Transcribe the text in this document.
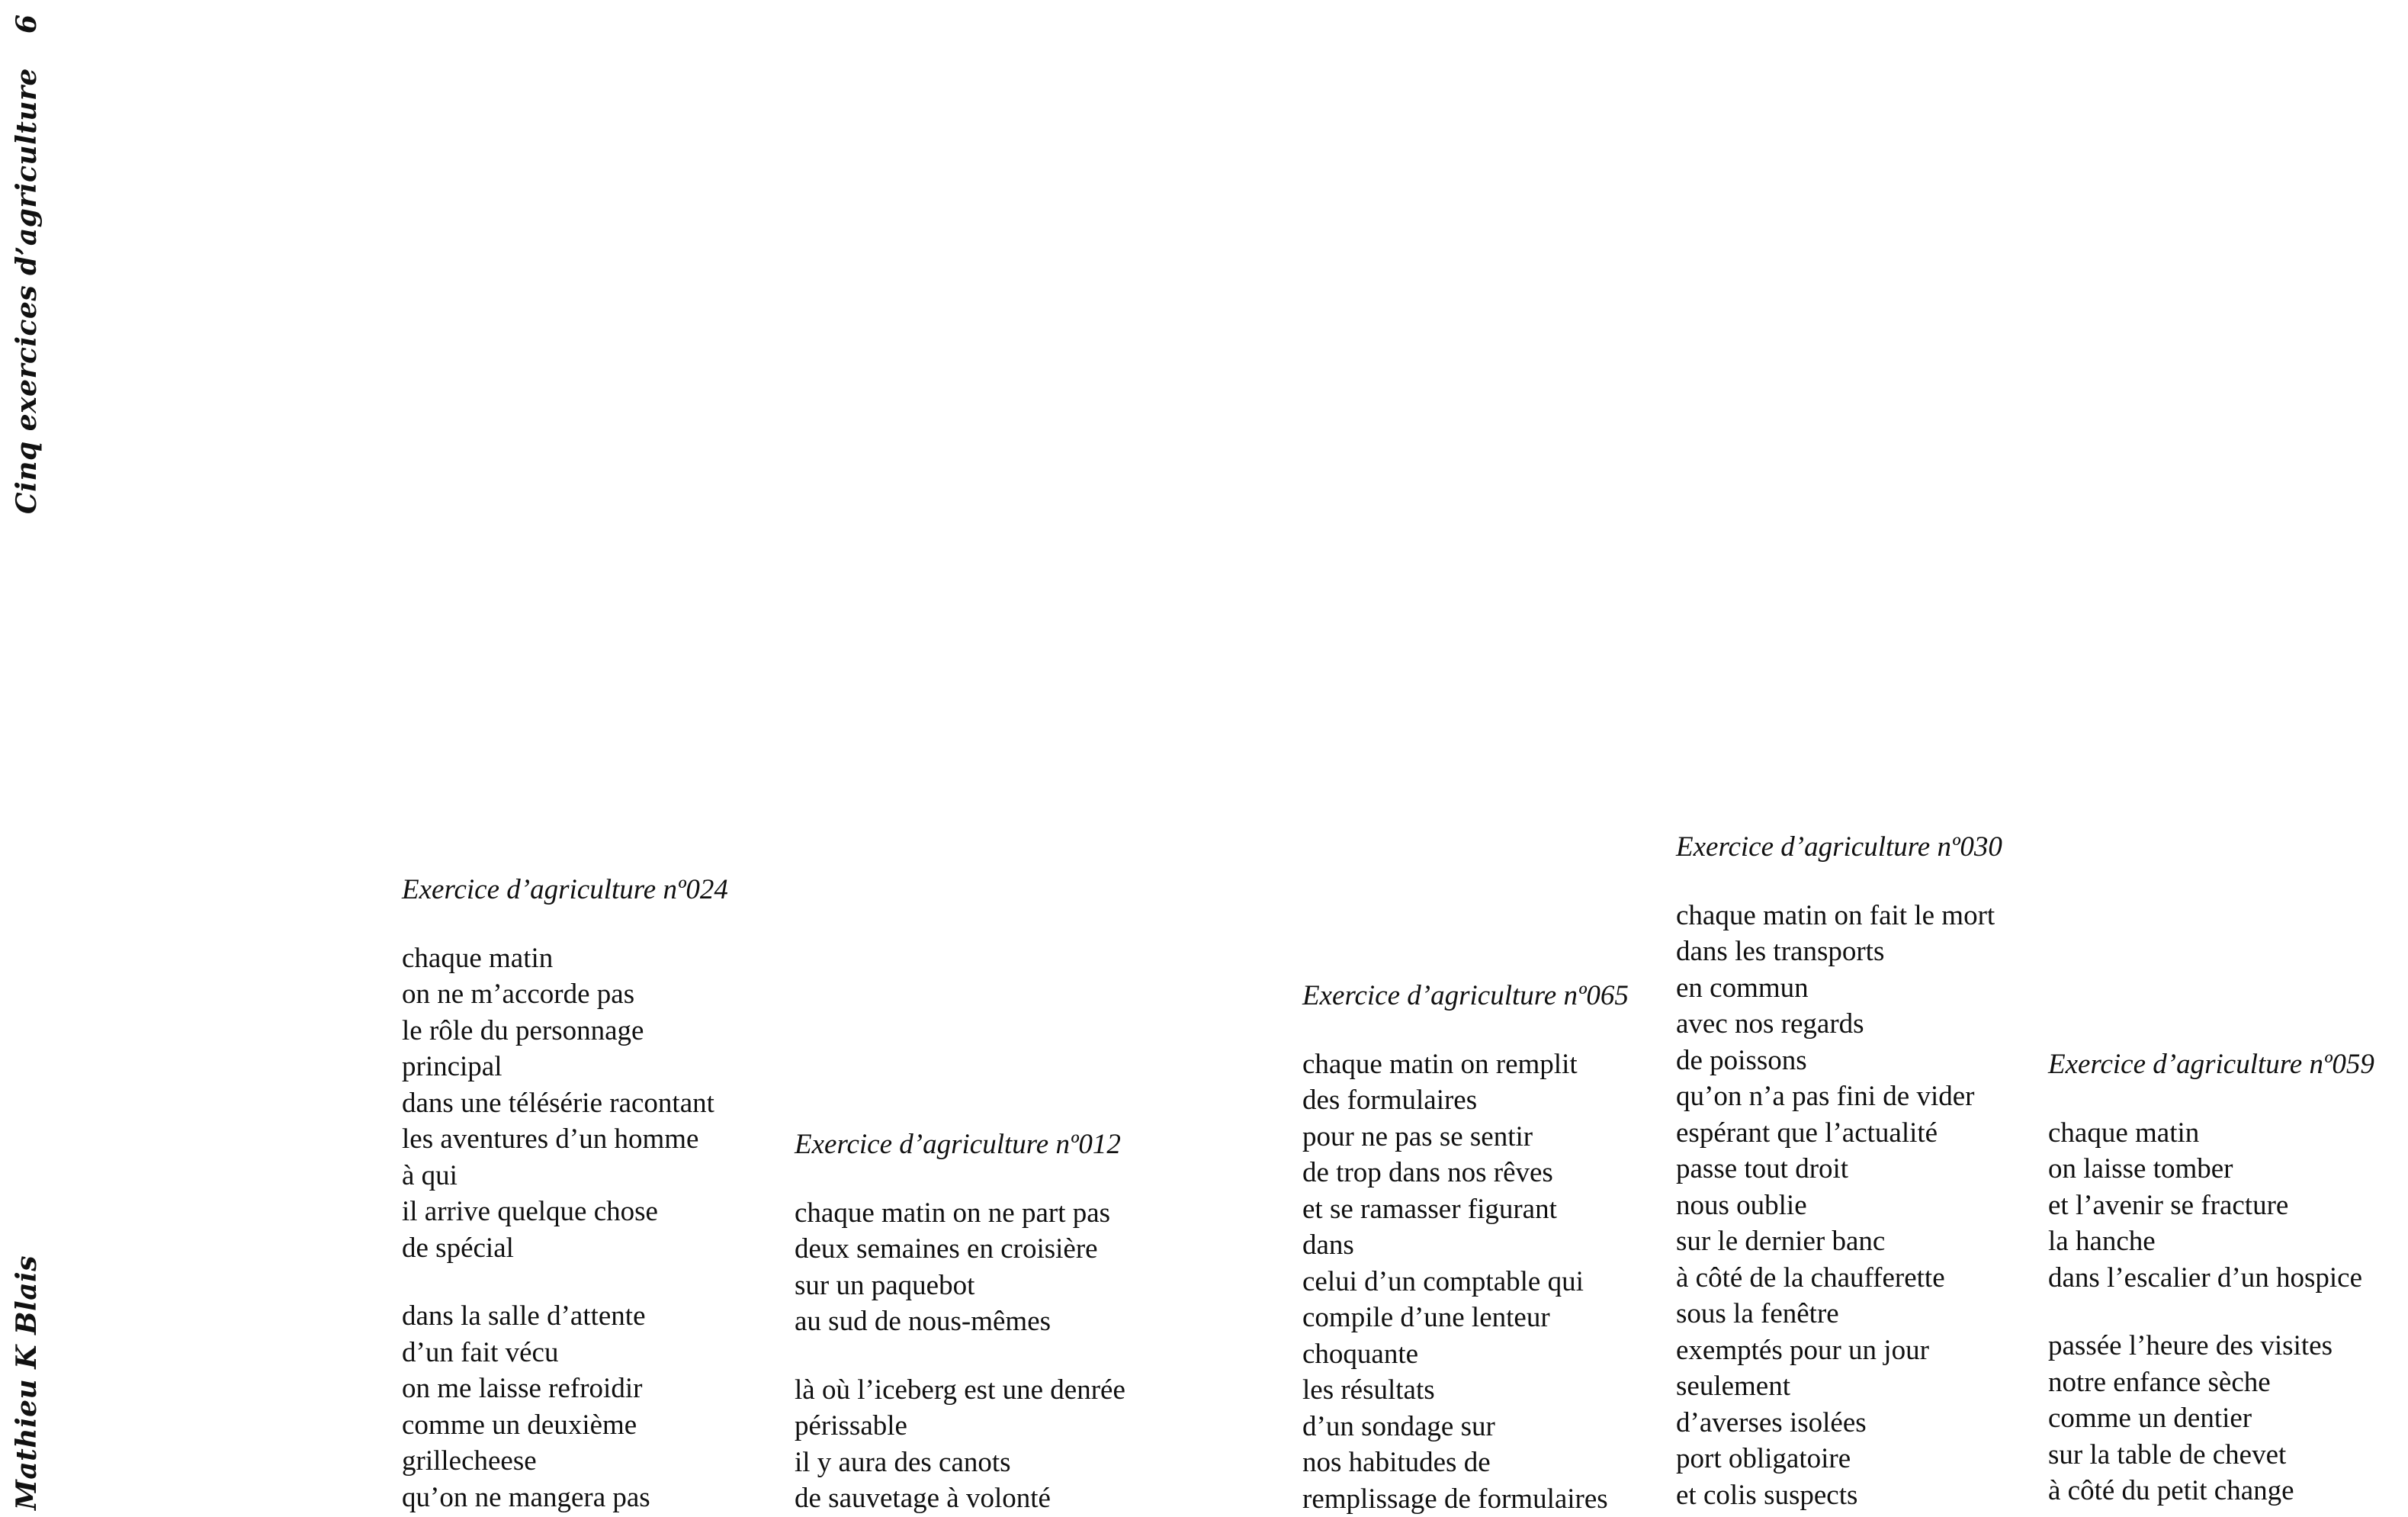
6
Cinq exercices d’agriculture
Mathieu K Blais
Exercice d’agriculture nº024
chaque matin
on ne m’accorde pas
le rôle du personnage
principal
dans une télésérie racontant
les aventures d’un homme
à qui
il arrive quelque chose
de spécial
dans la salle d’attente
d’un fait vécu
on me laisse refroidir
comme un deuxième
grillecheese
qu’on ne mangera pas
Exercice d’agriculture nº012
chaque matin on ne part pas
deux semaines en croisière
sur un paquebot
au sud de nous-mêmes
là où l’iceberg est une denrée
périssable
il y aura des canots
de sauvetage à volonté
Exercice d’agriculture nº065
chaque matin on remplit
des formulaires
pour ne pas se sentir
de trop dans nos rêves
et se ramasser figurant
dans
celui d’un comptable qui
compile d’une lenteur
choquante
les résultats
d’un sondage sur
nos habitudes de
remplissage de formulaires
Exercice d’agriculture nº030
chaque matin on fait le mort
dans les transports
en commun
avec nos regards
de poissons
qu’on n’a pas fini de vider
espérant que l’actualité
passe tout droit
nous oublie
sur le dernier banc
à côté de la chaufferette
sous la fenêtre
exemptés pour un jour
seulement
d’averses isolées
port obligatoire
et colis suspects
Exercice d’agriculture nº059
chaque matin
on laisse tomber
et l’avenir se fracture
la hanche
dans l’escalier d’un hospice
passée l’heure des visites
notre enfance sèche
comme un dentier
sur la table de chevet
à côté du petit change
